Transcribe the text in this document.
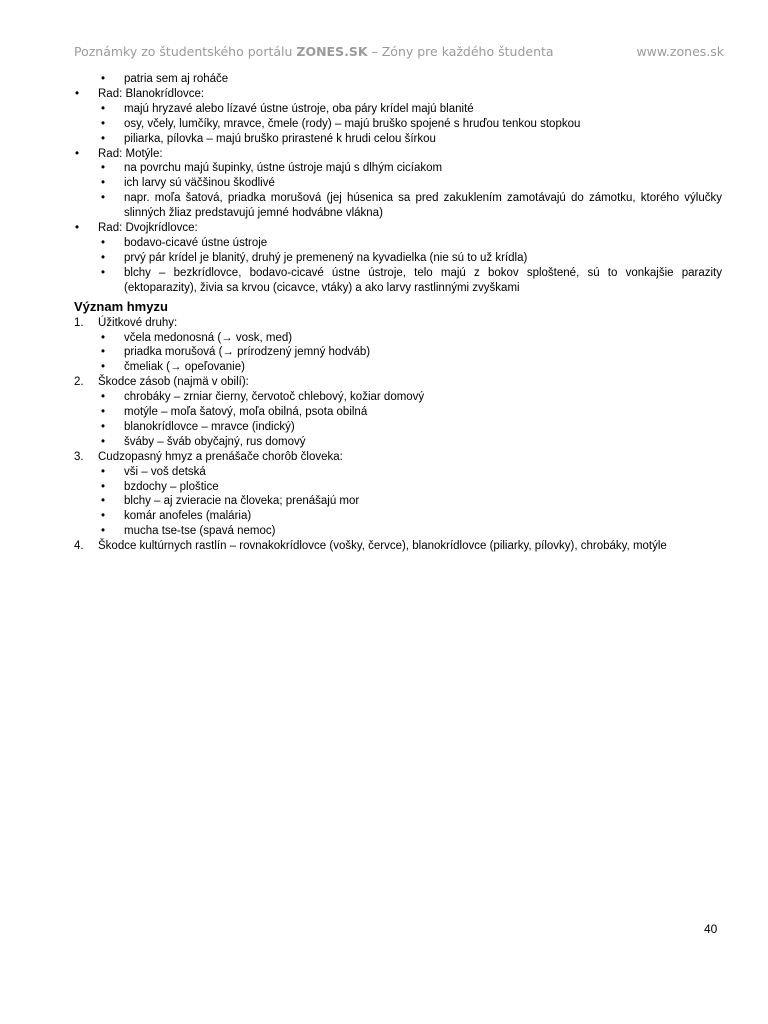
Poznámky zo študentského portálu ZONES.SK – Zóny pre každého študenta	www.zones.sk
• patria sem aj roháče
• Rad: Blanokrídlovce:
• majú hryzavé alebo lízavé ústne ústroje, oba páry krídel majú blanité
• osy, včely, lumčíky, mravce, čmele (rody) – majú bruško spojené s hruďou tenkou stopkou
• piliarka, pílovka – majú bruško prirastené k hrudi celou šírkou
• Rad: Motýle:
• na povrchu majú šupinky, ústne ústroje majú s dlhým cicíakom
• ich larvy sú väčšinou škodlivé
• napr. moľa šatová, priadka morušová (jej húsenica sa pred zakuklením zamotávajú do zámotku, ktorého výlučky slinných žliaz predstavujú jemné hodvábne vlákna)
• Rad: Dvojkrídlovce:
• bodavo-cicavé ústne ústroje
• prvý pár krídel je blanitý, druhý je premenený na kyvadielka (nie sú to už krídla)
• blchy – bezkrídlovce, bodavo-cicavé ústne ústroje, telo majú z bokov sploštené, sú to vonkajšie parazity (ektoparazity), živia sa krvou (cicavce, vtáky) a ako larvy rastlinnými zvyškami
Význam hmyzu
1. Úžitkové druhy:
• včela medonosná (→ vosk, med)
• priadka morušová (→ prírodzený jemný hodváb)
• čmeliak (→ opeľovanie)
2. Škodce zásob (najmä v obilí):
• chrobáky – zrniar čierny, červotoč chlebový, kožiar domový
• motýle – moľa šatový, moľa obilná, psota obilná
• blanokrídlovce – mravce (indický)
• šváby – šváb obyčajný, rus domový
3. Cudzopasný hmyz a prenášače chorôb človeka:
• vši – voš detská
• bzdochy – ploštice
• blchy – aj zvieracie na človeka; prenášajú mor
• komár anofeles (malária)
• mucha tse-tse (spavá nemoc)
4. Škodce kultúrnych rastlín – rovnakokrídlovce (vošky, červce), blanokrídlovce (piliarky, pílovky), chrobáky, motýle
40
